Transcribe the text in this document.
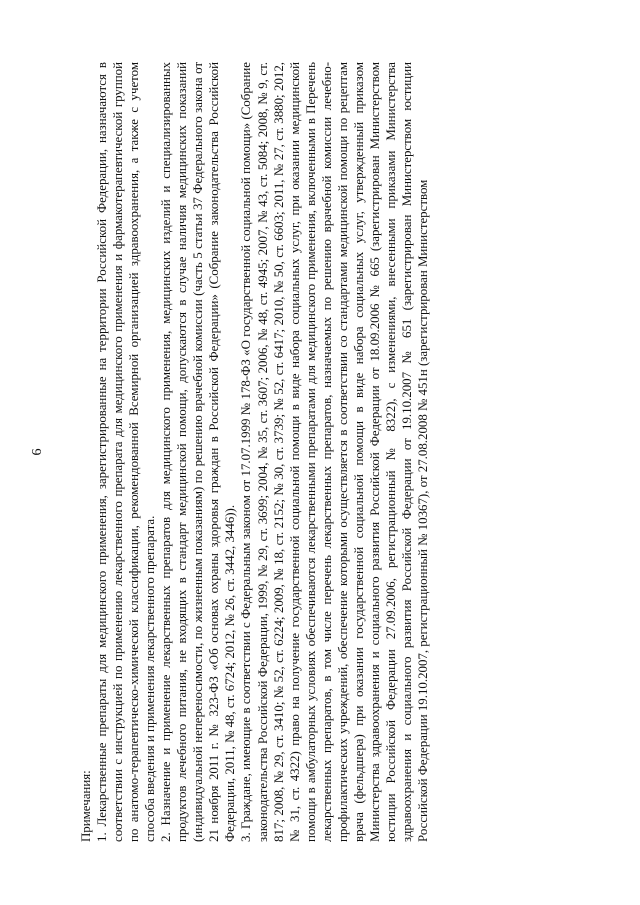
6
Примечания: 1. Лекарственные препараты для медицинского применения, зарегистрированные на территории Российской Федерации, назначаются в соответствии с инструкцией по применению лекарственного препарата для медицинского применения и фармакотерапевтической группой по анатомо-терапевтическо-химической классификации, рекомендованной Всемирной организацией здравоохранения, а также с учетом способа введения и применения лекарственного препарата. 2. Назначение и применение лекарственных препаратов для медицинского применения, медицинских изделий и специализированных продуктов лечебного питания, не входящих в стандарт медицинской помощи, допускаются в случае наличия медицинских показаний (индивидуальной непереносимости, по жизненным показаниям) по решению врачебной комиссии (часть 5 статьи 37 Федерального закона от 21 ноября 2011 г. № 323-ФЗ «Об основах охраны здоровья граждан в Российской Федерации» (Собрание законодательства Российской Федерации, 2011, № 48, ст. 6724; 2012, № 26, ст. 3442, 3446)). 3. Граждане, имеющие в соответствии с Федеральным законом от 17.07.1999 № 178-ФЗ «О государственной социальной помощи» (Собрание законодательства Российской Федерации, 1999, № 29, ст. 3699; 2004, № 35, ст. 3607; 2006, № 48, ст. 4945; 2007, № 43, ст. 5084; 2008, № 9, ст. 817; 2008, № 29, ст. 3410; № 52, ст. 6224; 2009, № 18, ст. 2152; № 30, ст. 3739; № 52, ст. 6417; 2010, № 50, ст. 6603; 2011, № 27, ст. 3880; 2012, № 31, ст. 4322) право на получение государственной социальной помощи в виде набора социальных услуг, при оказании медицинской помощи в амбулаторных условиях обеспечиваются лекарственными препаратами для медицинского применения, включенными в Перечень лекарственных препаратов, в том числе перечень лекарственных препаратов, назначаемых по решению врачебной комиссии лечебно-профилактических учреждений, обеспечение которыми осуществляется в соответствии со стандартами медицинской помощи по рецептам врача (фельдшера) при оказании государственной социальной помощи в виде набора социальных услуг, утвержденный приказом Министерства здравоохранения и социального развития Российской Федерации от 18.09.2006 № 665 (зарегистрирован Министерством юстиции Российской Федерации 27.09.2006, регистрационный № 8322), с изменениями, внесенными приказами Министерства здравоохранения и социального развития Российской Федерации от 19.10.2007 № 651 (зарегистрирован Министерством юстиции Российской Федерации 19.10.2007, регистрационный № 10367), от 27.08.2008 № 451н (зарегистрирован Министерством
